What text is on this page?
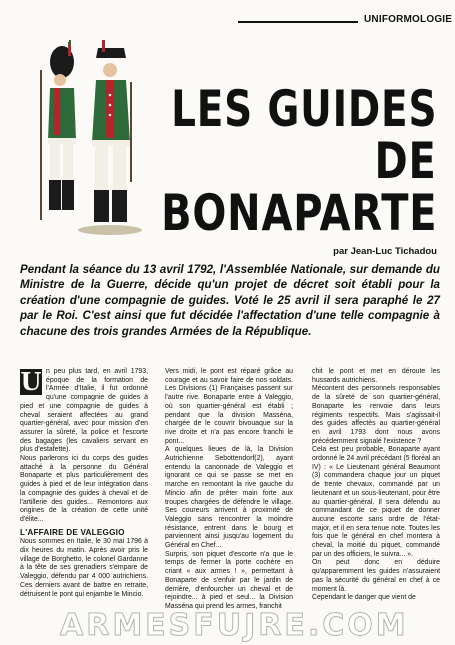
UNIFORMOLOGIE
LES GUIDES
DE
BONAPARTE
par Jean-Luc Tichadou
Pendant la séance du 13 avril 1792, l'Assemblée Nationale, sur demande du Ministre de la Guerre, décide qu'un projet de décret soit établi pour la création d'une compagnie de guides. Voté le 25 avril il sera paraphé le 27 par le Roi. C'est ainsi que fut décidée l'affectation d'une telle compagnie à chacune des trois grandes Armées de la République.
U n peu plus tard, en avril 1793, époque de la formation de l'Armée d'Italie, il fut ordonné qu'une compagnie de guides à pied et une compagnie de guides à cheval seraient affectées au grand quartier-général, avec pour mission d'en assurer la sûreté, la police et l'escorte des bagages (les cavaliers servant en plus d'estafette).

Nous parlerons ici du corps des guides attaché à la personne du Général Bonaparte et plus particulièrement des guides à pied et de leur intégration dans la compagnie des guides à cheval et de l'artillerie des guides... Remontons aux origines de la création de cette unité d'élite...

L'AFFAIRE DE VALEGGIO

Nous sommes en Italie, le 30 mai 1796 à dix heures du matin. Après avoir pris le village de Borghetto, le colonel Gardanne à la tête de ses grenadiers s'empare de Valeggio, défendu par 4 000 autrichiens. Ces derniers avant de battre en retraite, détruisent le pont qui enjambe le Mincio.

Vers midi, le pont est réparé grâce au courage et au savoir faire de nos soldats. Les Divisions (1) Françaises passent sur l'autre rive. Bonaparte entre à Valeggio, où son quartier-général est établi ; pendant que la division Masséna, chargée de le couvrir bivouaque sur la rive droite et n'a pas encore franchi le pont...

A quelques lieues de là, la Division Autrichienne Sebottendorf(2), ayant entendu la canonnade de Valeggio et ignorant ce qui se passe se met en marche en remontant la rive gauche du Mincio afin de prêter main forte aux troupes chargées de défendre le village. Ses coureurs arrivent à proximité de Valeggio sans rencontrer la moindre résistance, entrent dans le bourg et parviennent ainsi jusqu'au logement du Général en Chef...

Surpris, son piquet d'escorte n'a que le temps de fermer la porte cochère en criant « aux armes ! », permettant à Bonaparte de s'enfuir par le jardin de derrière, d'enfourcher un cheval et de rejoindre... à pied et seul... la Division Masséna qui prend les armes, franchit

chit le pont et met en déroute les hussards autrichiens.

Mécontent des personnels responsables de la sûreté de son quartier-général, Bonaparte les renvoie dans leurs régiments respectifs. Mais s'agissait-il des guides affectés au quartier-général en avril 1793 dont nous avons précédemment signalé l'existence ?

Cela est peu probable, Bonaparte ayant ordonné le 24 avril précédant (5 floréal an IV) : « Le Lieutenant général Beaumont (3) commandera chaque jour un piquet de trente chevaux, commandé par un lieutenant et un sous-lieutenant, pour être au quartier-général. Il sera défendu au commandant de ce piquet de donner aucune escorte sans ordre de l'état-major, et il en sera tenue note. Toutes les fois que le général en chef montera à cheval, la moitié du piquet, commandé par un des officiers, le suivra... ».

On peut donc en déduire qu'apparemment les guides n'assuraient pas la sécurité du général en chef à ce moment là.

Cependant le danger que vient de

ARMESFUJRE.COM
